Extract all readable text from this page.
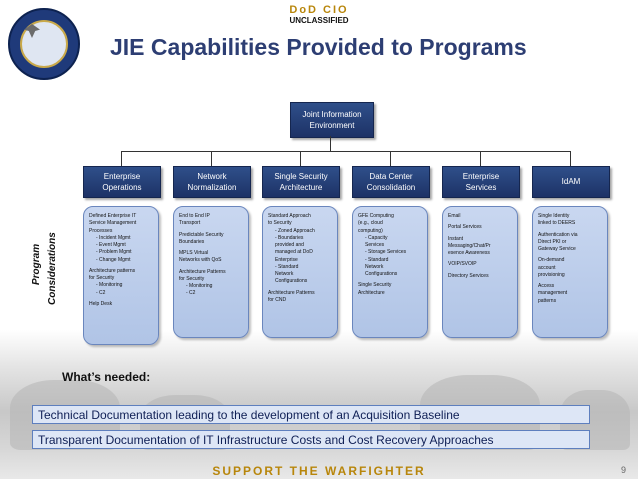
DoD CIO
UNCLASSIFIED
JIE Capabilities Provided to Programs
Joint Information
Environment
Enterprise
Operations
Network
Normalization
Single Security
Architecture
Data Center
Consolidation
Enterprise
Services
IdAM
Program Considerations
Defined Enterprise IT
Service Management
Processes
- Incident Mgmt
- Event Mgmt
- Problem Mgmt
- Change Mgmt
Architecture patterns
for Security
- Monitoring
- C2
Help Desk
End to End IP
Transport
Predictable Security
Boundaries
MPLS Virtual
Networks with QoS
Architecture Patterns
for Security
- Monitoring
- C2
Standard Approach
to Security
- Zoned Approach
- Boundaries
provided and
managed at DoD
Enterprise
- Standard
Network
Configurations
Architecture Patterns
for CND
GFE Computing
(e.g., cloud
computing)
- Capacity
Services
- Storage Services
- Standard
Network
Configurations
Single Security
Architecture
Email
Portal Services
Instant
Messaging/Chat/Pr
esence Awareness
VOIP/SVOIP
Directory Services
Single Identity
linked to DEERS
Authentication via
Direct PKI or
Gateway Service
On-demand
account
provisioning
Access
management
patterns
What’s needed:
Technical Documentation leading to the development of an Acquisition Baseline
Transparent Documentation of IT Infrastructure Costs and Cost Recovery Approaches
SUPPORT THE WARFIGHTER	9
